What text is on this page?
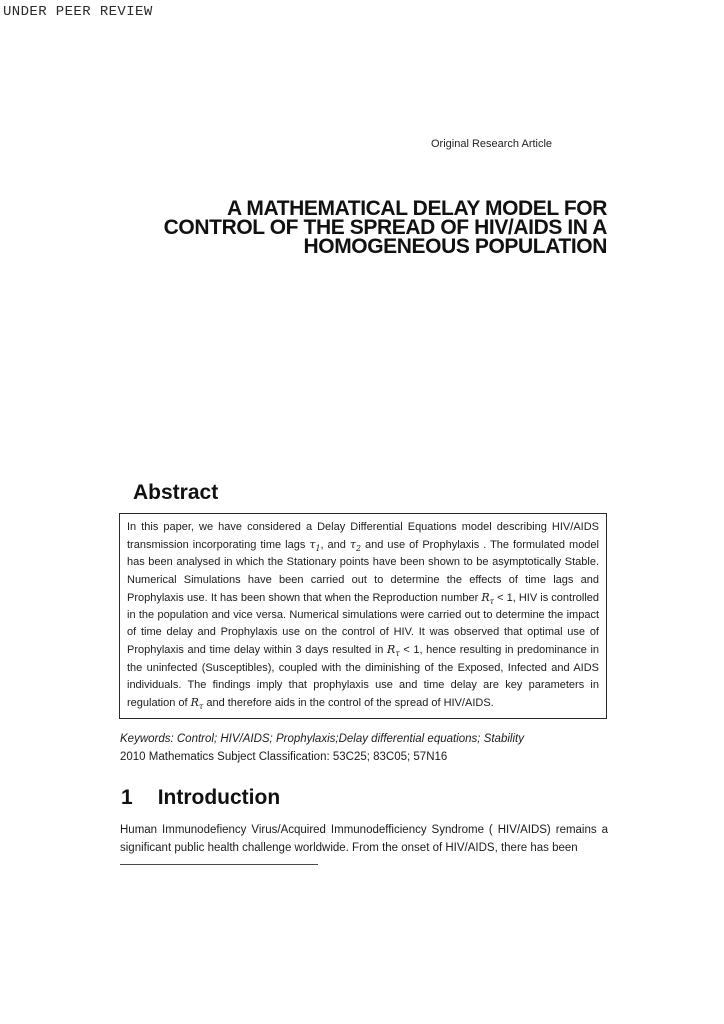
UNDER PEER REVIEW
Original Research Article
A MATHEMATICAL DELAY MODEL FOR
CONTROL OF THE SPREAD OF HIV/AIDS IN A
HOMOGENEOUS POPULATION
Abstract
In this paper, we have considered a Delay Differential Equations model describing HIV/AIDS transmission incorporating time lags $\tau_1$, and $\tau_2$ and use of Prophylaxis . The formulated model has been analysed in which the Stationary points have been shown to be asymptotically Stable. Numerical Simulations have been carried out to determine the effects of time lags and Prophylaxis use. It has been shown that when the Reproduction number $R_\tau < 1$, HIV is controlled in the population and vice versa. Numerical simulations were carried out to determine the impact of time delay and Prophylaxis use on the control of HIV. It was observed that optimal use of Prophylaxis and time delay within 3 days resulted in $R_\tau < 1$, hence resulting in predominance in the uninfected (Susceptibles), coupled with the diminishing of the Exposed, Infected and AIDS individuals. The findings imply that prophylaxis use and time delay are key parameters in regulation of $R_\tau$ and therefore aids in the control of the spread of HIV/AIDS.
Keywords: Control; HIV/AIDS; Prophylaxis;Delay differential equations; Stability
2010 Mathematics Subject Classification: 53C25; 83C05; 57N16
1 Introduction
Human Immunodefiency Virus/Acquired Immunodefficiency Syndrome ( HIV/AIDS) remains a significant public health challenge worldwide. From the onset of HIV/AIDS, there has been
